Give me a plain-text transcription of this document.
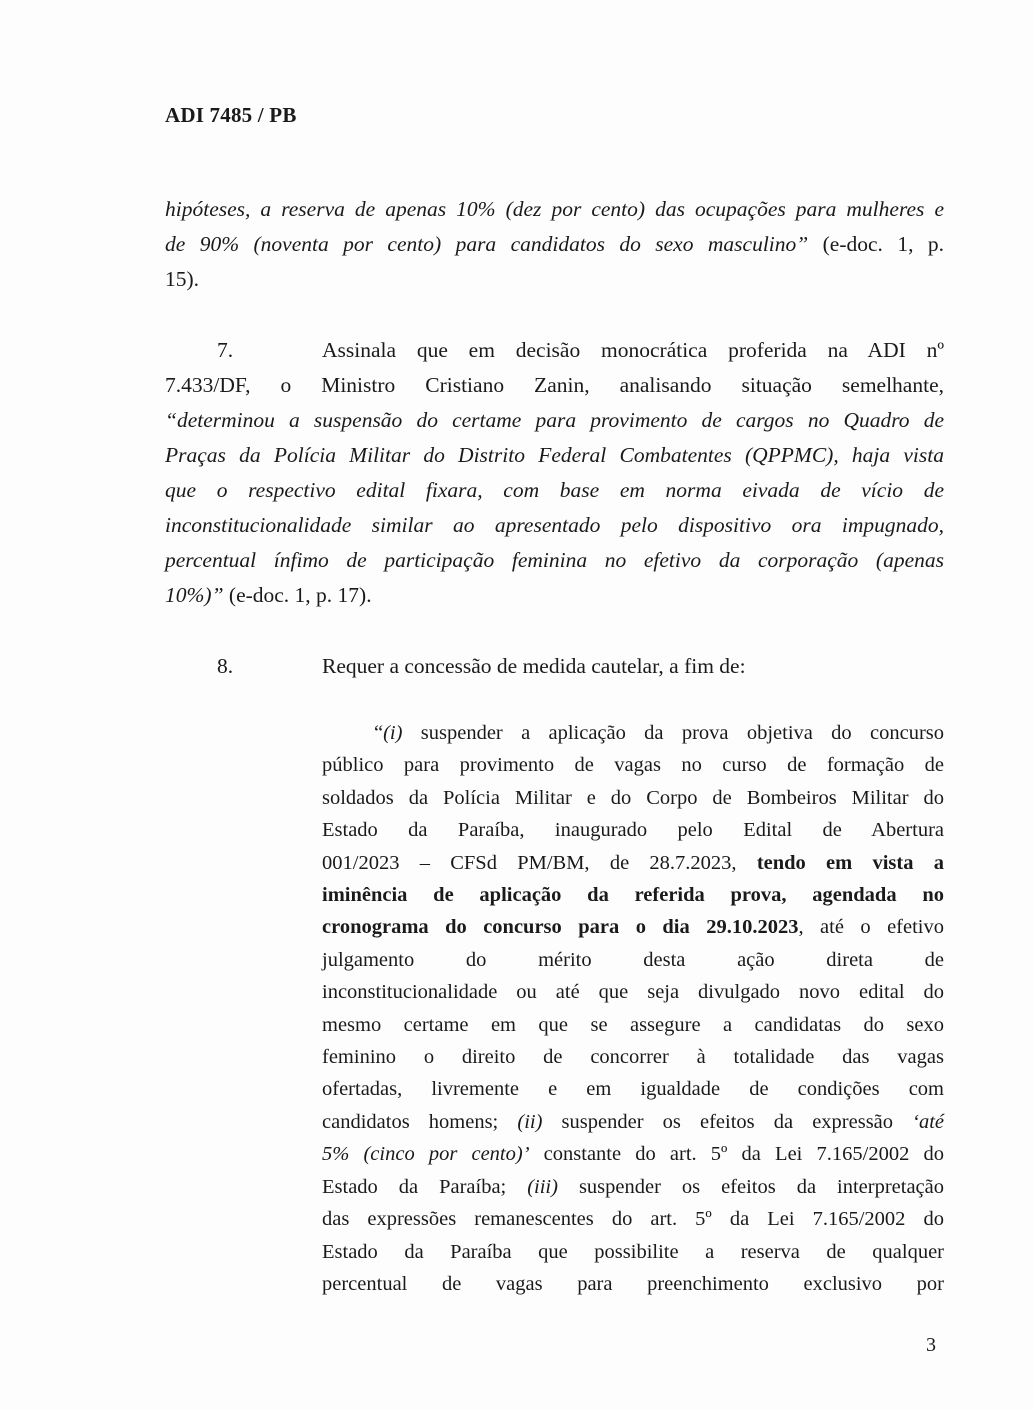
ADI 7485 / PB
hipóteses, a reserva de apenas 10% (dez por cento) das ocupações para mulheres e
de 90% (noventa por cento) para candidatos do sexo masculino” (e-doc. 1, p.
15).
7.	Assinala que em decisão monocrática proferida na ADI nº
7.433/DF, o Ministro Cristiano Zanin, analisando situação semelhante,
“determinou a suspensão do certame para provimento de cargos no Quadro de
Praças da Polícia Militar do Distrito Federal Combatentes (QPPMC), haja vista
que o respectivo edital fixara, com base em norma eivada de vício de
inconstitucionalidade similar ao apresentado pelo dispositivo ora impugnado,
percentual ínfimo de participação feminina no efetivo da corporação (apenas
10%)” (e-doc. 1, p. 17).
8.	Requer a concessão de medida cautelar, a fim de:
“(i) suspender a aplicação da prova objetiva do concurso
público para provimento de vagas no curso de formação de
soldados da Polícia Militar e do Corpo de Bombeiros Militar do
Estado da Paraíba, inaugurado pelo Edital de Abertura
001/2023 – CFSd PM/BM, de 28.7.2023, tendo em vista a
iminência de aplicação da referida prova, agendada no
cronograma do concurso para o dia 29.10.2023, até o efetivo
julgamento do mérito desta ação direta de
inconstitucionalidade ou até que seja divulgado novo edital do
mesmo certame em que se assegure a candidatas do sexo
feminino o direito de concorrer à totalidade das vagas
ofertadas, livremente e em igualdade de condições com
candidatos homens; (ii) suspender os efeitos da expressão ‘até
5% (cinco por cento)’ constante do art. 5º da Lei 7.165/2002 do
Estado da Paraíba; (iii) suspender os efeitos da interpretação
das expressões remanescentes do art. 5º da Lei 7.165/2002 do
Estado da Paraíba que possibilite a reserva de qualquer
percentual de vagas para preenchimento exclusivo por
3
